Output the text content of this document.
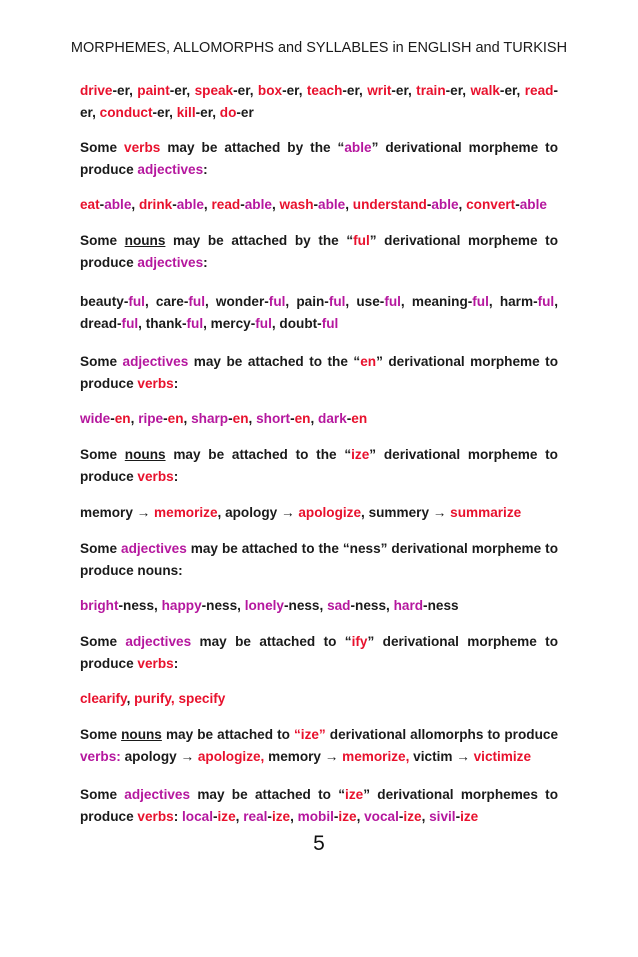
MORPHEMES, ALLOMORPHS and SYLLABLES in ENGLISH and TURKISH
drive-er, paint-er, speak-er, box-er, teach-er, writ-er, train-er, walk-er, read-er, conduct-er, kill-er, do-er
Some verbs may be attached by the “able” derivational morpheme to produce adjectives:
eat-able, drink-able, read-able, wash-able, understand-able, convert-able
Some nouns may be attached by the “ful” derivational morpheme to produce adjectives:
beauty-ful, care-ful, wonder-ful, pain-ful, use-ful, meaning-ful, harm-ful, dread-ful, thank-ful, mercy-ful, doubt-ful
Some adjectives may be attached to the “en” derivational morpheme to produce verbs:
wide-en, ripe-en, sharp-en, short-en, dark-en
Some nouns may be attached to the “ize” derivational morpheme to produce verbs:
memory → memorize, apology → apologize, summery → summarize
Some adjectives may be attached to the “ness” derivational morpheme to produce nouns:
bright-ness, happy-ness, lonely-ness, sad-ness, hard-ness
Some adjectives may be attached to “ify” derivational morpheme to produce verbs:
clearify, purify, specify
Some nouns may be attached to “ize” derivational allomorphs to produce verbs: apology → apologize, memory → memorize, victim → victimize
Some adjectives may be attached to “ize” derivational morphemes to produce verbs: local-ize, real-ize, mobil-ize, vocal-ize, sivil-ize
5
